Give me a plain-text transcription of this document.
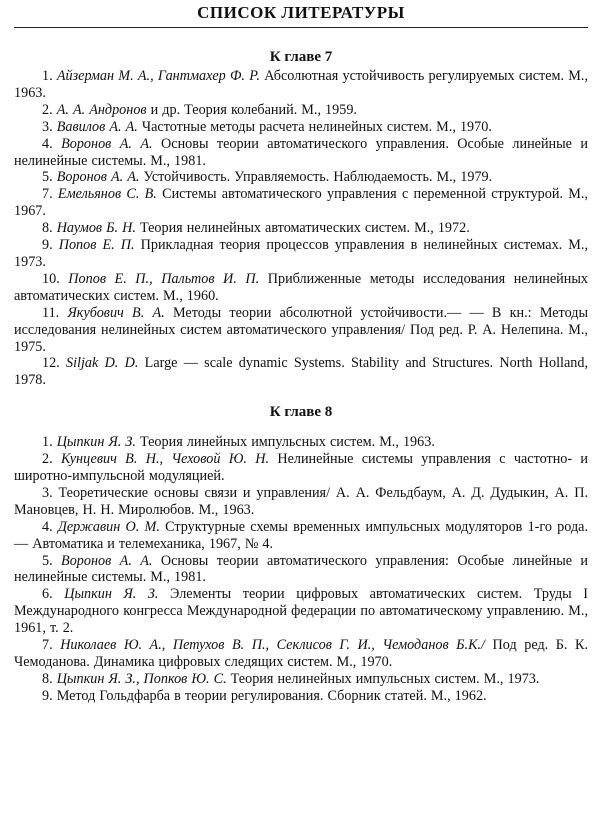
СПИСОК ЛИТЕРАТУРЫ
К главе 7

1. Айзерман М. А., Гантмахер Ф. Р. Абсолютная устойчивость регулируемых систем. М., 1963.

2. А. А. Андронов и др. Теория колебаний. М., 1959.

3. Вавилов А. А. Частотные методы расчета нелинейных систем. М., 1970.

4. Воронов А. А. Основы теории автоматического управления. Особые линейные и нелинейные системы. М., 1981.

5. Воронов А. А. Устойчивость. Управляемость. Наблюдаемость. М., 1979.

7. Емельянов С. В. Системы автоматического управления с переменной структурой. М., 1967.

8. Наумов Б. Н. Теория нелинейных автоматических систем. М., 1972.

9. Попов Е. П. Прикладная теория процессов управления в нелинейных системах. М., 1973.

10. Попов Е. П., Пальтов И. П. Приближенные методы исследования нелинейных автоматических систем. М., 1960.

11. Якубович В. А. Методы теории абсолютной устойчивости.— — В кн.: Методы исследования нелинейных систем автоматического управления/ Под ред. Р. А. Нелепина. М., 1975.

12. Siljak D. D. Large — scale dynamic Systems. Stability and Structures. North Holland, 1978.

К главе 8

1. Цыпкин Я. З. Теория линейных импульсных систем. М., 1963.

2. Кунцевич В. Н., Чеховой Ю. Н. Нелинейные системы управления с частотно- и широтно-импульсной модуляцией.

3. Теоретические основы связи и управления/ А. А. Фельдбаум, А. Д. Дудыкин, А. П. Мановцев, Н. Н. Миролюбов. М., 1963.

4. Державин О. М. Структурные схемы временных импульсных модуляторов 1-го рода.— Автоматика и телемеханика, 1967, № 4.

5. Воронов А. А. Основы теории автоматического управления: Особые линейные и нелинейные системы. М., 1981.

6. Цыпкин Я. З. Элементы теории цифровых автоматических систем. Труды I Международного конгресса Международной федерации по автоматическому управлению. М., 1961, т. 2.

7. Николаев Ю. А., Петухов В. П., Секлисов Г. И., Чемоданов Б.К./ Под ред. Б. К. Чемоданова. Динамика цифровых следящих систем. М., 1970.

8. Цыпкин Я. З., Попков Ю. С. Теория нелинейных импульсных систем. М., 1973.

9. Метод Гольдфарба в теории регулирования. Сборник статей. М., 1962.
